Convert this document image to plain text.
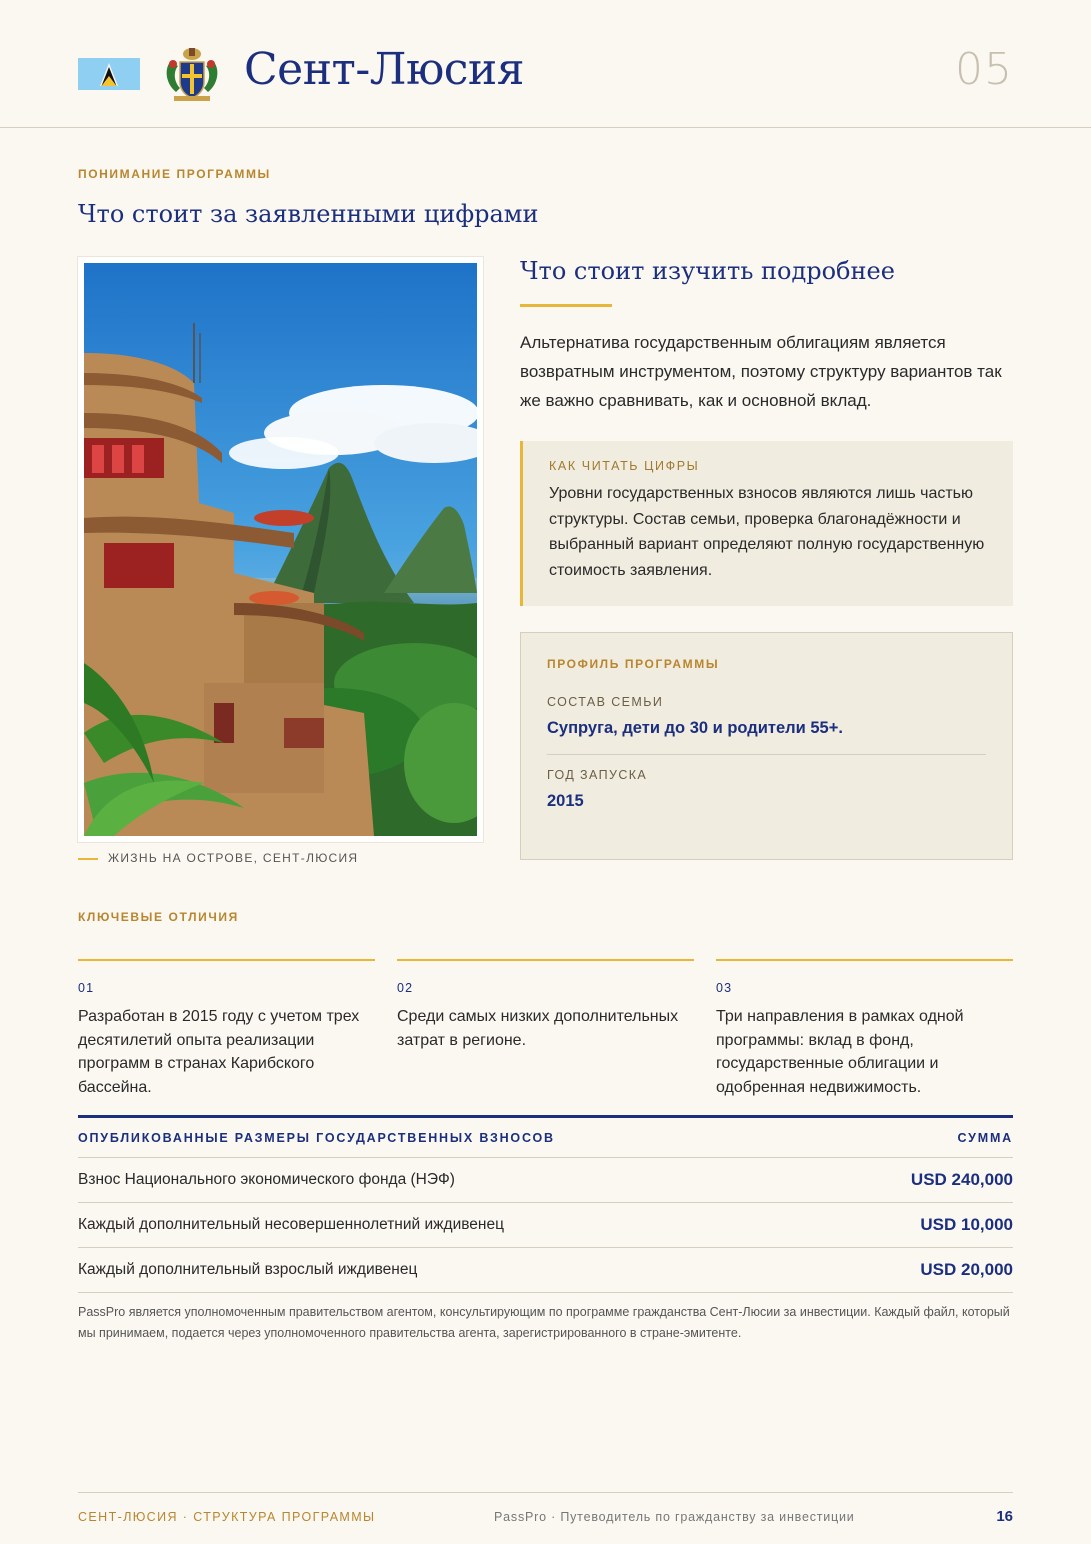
Сент-Люсия	05
ПОНИМАНИЕ ПРОГРАММЫ
Что стоит за заявленными цифрами
ЖИЗНЬ НА ОСТРОВЕ, СЕНТ-ЛЮСИЯ
Что стоит изучить подробнее
Альтернатива государственным облигациям является возвратным инструментом, поэтому структуру вариантов так же важно сравнивать, как и основной вклад.
КАК ЧИТАТЬ ЦИФРЫ
Уровни государственных взносов являются лишь частью структуры. Состав семьи, проверка благонадёжности и выбранный вариант определяют полную государственную стоимость заявления.
ПРОФИЛЬ ПРОГРАММЫ
СОСТАВ СЕМЬИ
Супруга, дети до 30 и родители 55+.
ГОД ЗАПУСКА
2015
КЛЮЧЕВЫЕ ОТЛИЧИЯ
01
Разработан в 2015 году с учетом трех десятилетий опыта реализации программ в странах Карибского бассейна.
02
Среди самых низких дополнительных затрат в регионе.
03
Три направления в рамках одной программы: вклад в фонд, государственные облигации и одобренная недвижимость.
ОПУБЛИКОВАННЫЕ РАЗМЕРЫ ГОСУДАРСТВЕННЫХ ВЗНОСОВ	СУММА
Взнос Национального экономического фонда (НЭФ)	USD 240,000
Каждый дополнительный несовершеннолетний иждивенец	USD 10,000
Каждый дополнительный взрослый иждивенец	USD 20,000
PassPro является уполномоченным правительством агентом, консультирующим по программе гражданства Сент-Люсии за инвестиции. Каждый файл, который мы принимаем, подается через уполномоченного правительства агента, зарегистрированного в стране-эмитенте.
СЕНТ-ЛЮСИЯ · СТРУКТУРА ПРОГРАММЫ	PassPro · Путеводитель по гражданству за инвестиции	16
